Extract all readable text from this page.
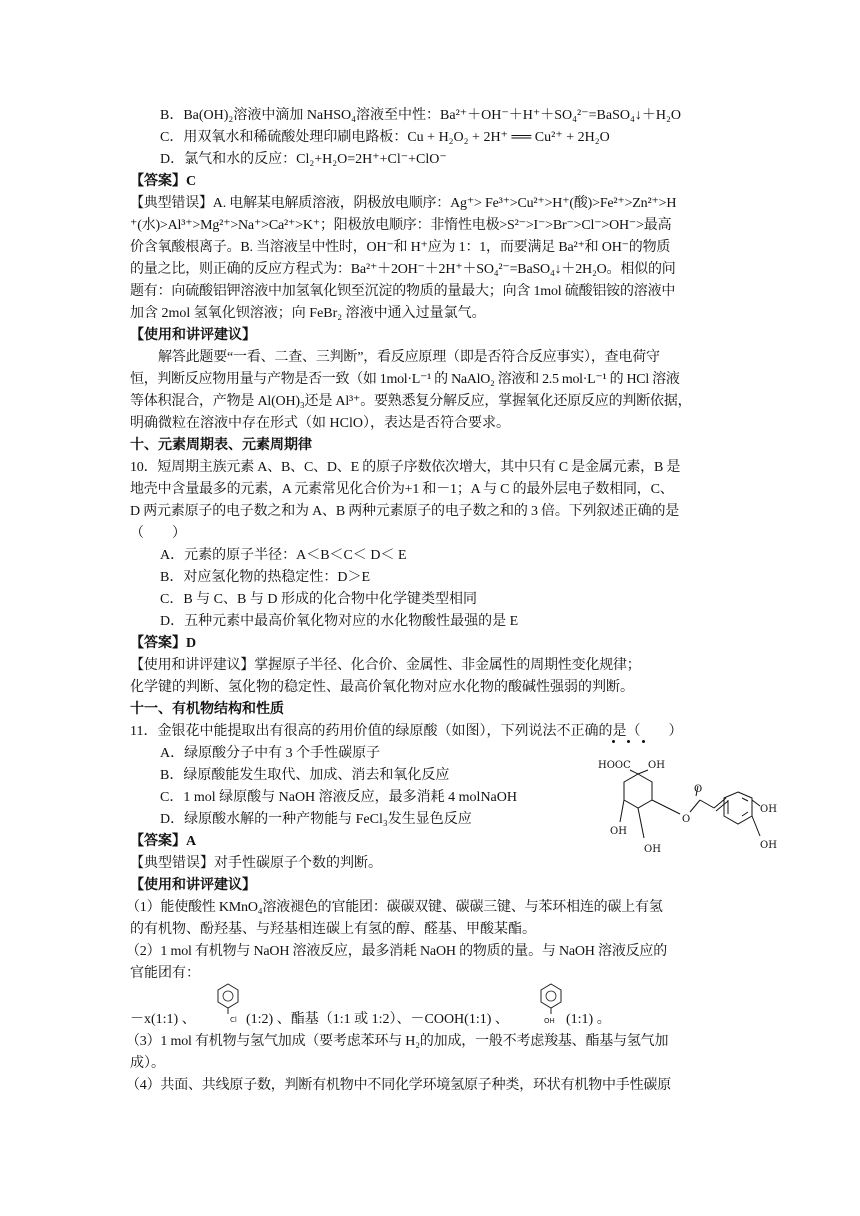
B．Ba(OH)₂溶液中滴加 NaHSO₄溶液至中性：Ba²⁺＋OH⁻＋H⁺＋SO₄²⁻=BaSO₄↓＋H₂O
C．用双氧水和稀硫酸处理印刷电路板：Cu + H₂O₂ + 2H⁺ ══ Cu²⁺ + 2H₂O
D．氯气和水的反应：Cl₂+H₂O=2H⁺+Cl⁻+ClO⁻
【答案】C
【典型错误】A. 电解某电解质溶液，阴极放电顺序：Ag⁺> Fe³⁺>Cu²⁺>H⁺(酸)>Fe²⁺>Zn²⁺>H
⁺(水)>Al³⁺>Mg²⁺>Na⁺>Ca²⁺>K⁺；阳极放电顺序：非惰性电极>S²⁻>I⁻>Br⁻>Cl⁻>OH⁻>最高
价含氧酸根离子。B. 当溶液呈中性时，OH⁻和 H⁺应为 1：1，而要满足 Ba²⁺和 OH⁻的物质
的量之比，则正确的反应方程式为：Ba²⁺＋2OH⁻＋2H⁺＋SO₄²⁻=BaSO₄↓＋2H₂O。相似的问
题有：向硫酸铝钾溶液中加氢氧化钡至沉淀的物质的量最大；向含 1mol 硫酸铝铵的溶液中
加含 2mol 氢氧化钡溶液；向 FeBr₂ 溶液中通入过量氯气。
【使用和讲评建议】
解答此题要“一看、二查、三判断”，看反应原理（即是否符合反应事实），查电荷守
恒，判断反应物用量与产物是否一致（如 1mol·L⁻¹ 的 NaAlO₂ 溶液和 2.5 mol·L⁻¹ 的 HCl 溶液
等体积混合，产物是 Al(OH)₃还是 Al³⁺。要熟悉复分解反应，掌握氧化还原反应的判断依据，
明确微粒在溶液中存在形式（如 HClO），表达是否符合要求。
十、元素周期表、元素周期律
10．短周期主族元素 A、B、C、D、E 的原子序数依次增大，其中只有 C 是金属元素，B 是
地壳中含量最多的元素，A 元素常见化合价为+1 和－1；A 与 C 的最外层电子数相同，C、
D 两元素原子的电子数之和为 A、B 两种元素原子的电子数之和的 3 倍。下列叙述正确的是
（　　）
A．元素的原子半径：A＜B＜C＜ D＜ E
B．对应氢化物的热稳定性：D＞E
C．B 与 C、B 与 D 形成的化合物中化学键类型相同
D．五种元素中最高价氧化物对应的水化物酸性最强的是 E
【答案】D
【使用和讲评建议】掌握原子半径、化合价、金属性、非金属性的周期性变化规律；
化学键的判断、氢化物的稳定性、最高价氧化物对应水化物的酸碱性强弱的判断。
十一、有机物结构和性质
11．金银花中能提取出有很高的药用价值的绿原酸（如图），下列说法不正确的是（　　）
A．绿原酸分子中有 3 个手性碳原子
B．绿原酸能发生取代、加成、消去和氧化反应
C．1 mol 绿原酸与 NaOH 溶液反应，最多消耗 4 molNaOH
D．绿原酸水解的一种产物能与 FeCl₃发生显色反应
【答案】A
【典型错误】对手性碳原子个数的判断。
【使用和讲评建议】
（1）能使酸性 KMnO₄溶液褪色的官能团：碳碳双键、碳碳三键、与苯环相连的碳上有氢
的有机物、酚羟基、与羟基相连碳上有氢的醇、醛基、甲酸某酯。
（2）1 mol 有机物与 NaOH 溶液反应，最多消耗 NaOH 的物质的量。与 NaOH 溶液反应的
官能团有：
－x(1:1) 、	Cl (1:2) 、酯基（1:1 或 1:2）、－COOH(1:1) 、	OH (1:1) 。
（3）1 mol 有机物与氢气加成（要考虑苯环与 H₂的加成，一般不考虑羧基、酯基与氢气加
成）。
（4）共面、共线原子数，判断有机物中不同化学环境氢原子种类，环状有机物中手性碳原
HOOC OH
OH
OH
O
O
OH
OH
